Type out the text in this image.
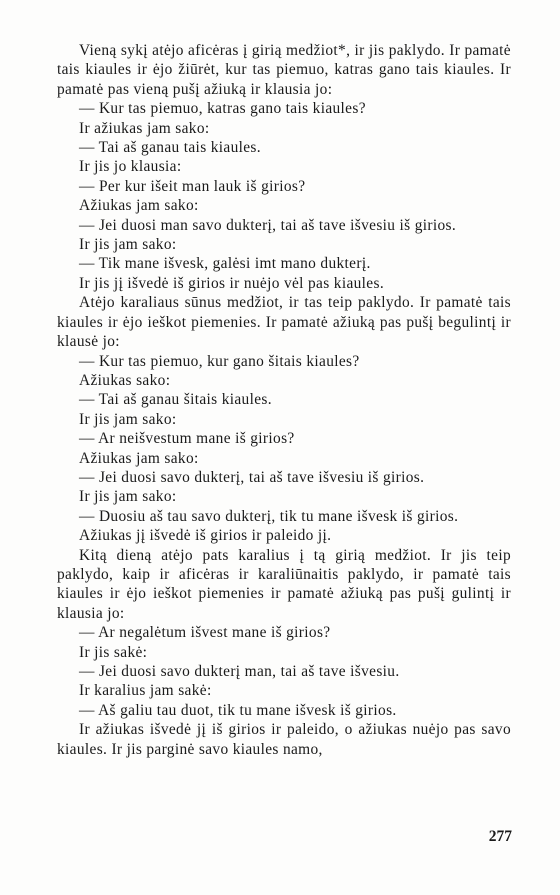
Vieną sykį atėjo aficėras į girią medžiot*, ir jis paklydo. Ir pamatė tais kiaules ir ėjo žiūrėt, kur tas piemuo, katras gano tais kiaules. Ir pamatė pas vieną pušį ažiuką ir klausia jo:

— Kur tas piemuo, katras gano tais kiaules?

Ir ažiukas jam sako:

— Tai aš ganau tais kiaules.

Ir jis jo klausia:

— Per kur išeit man lauk iš girios?

Ažiukas jam sako:

— Jei duosi man savo dukterį, tai aš tave išvesiu iš girios.

Ir jis jam sako:

— Tik mane išvesk, galėsi imt mano dukterį.

Ir jis jį išvedė iš girios ir nuėjo vėl pas kiaules.

Atėjo karaliaus sūnus medžiot, ir tas teip paklydo. Ir pamatė tais kiaules ir ėjo ieškot piemenies. Ir pamatė ažiuką pas pušį begulintį ir klausė jo:

— Kur tas piemuo, kur gano šitais kiaules?

Ažiukas sako:

— Tai aš ganau šitais kiaules.

Ir jis jam sako:

— Ar neišvestum mane iš girios?

Ažiukas jam sako:

— Jei duosi savo dukterį, tai aš tave išvesiu iš girios.

Ir jis jam sako:

— Duosiu aš tau savo dukterį, tik tu mane išvesk iš girios.

Ažiukas jį išvedė iš girios ir paleido jį.

Kitą dieną atėjo pats karalius į tą girią medžiot. Ir jis teip paklydo, kaip ir aficėras ir karaliūnaitis paklydo, ir pamatė tais kiaules ir ėjo ieškot piemenies ir pamatė ažiuką pas pušį gulintį ir klausia jo:

— Ar negalėtum išvest mane iš girios?

Ir jis sakė:

— Jei duosi savo dukterį man, tai aš tave išvesiu.

Ir karalius jam sakė:

— Aš galiu tau duot, tik tu mane išvesk iš girios.

Ir ažiukas išvedė jį iš girios ir paleido, o ažiukas nuėjo pas savo kiaules. Ir jis parginė savo kiaules namo,

277
